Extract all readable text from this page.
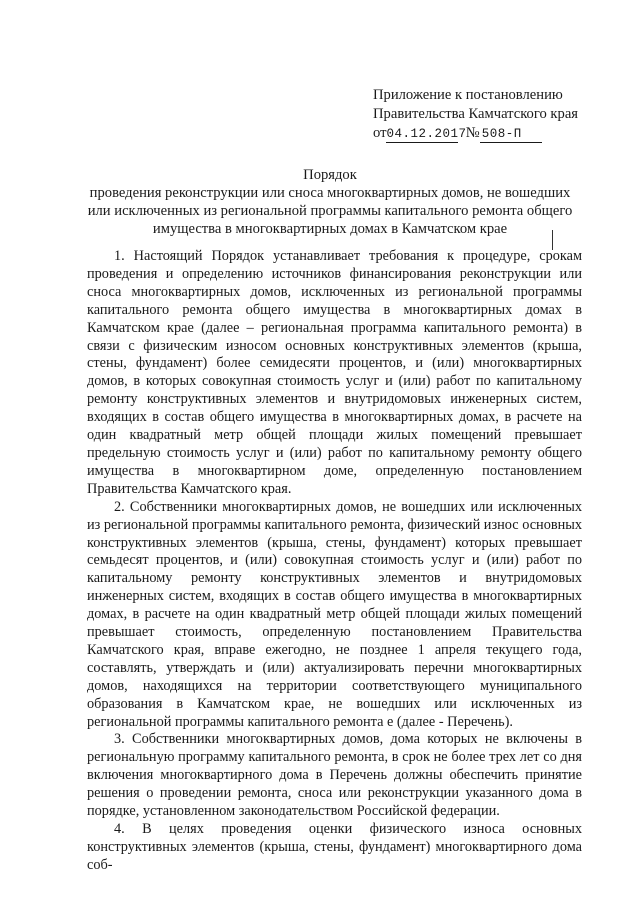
Приложение к постановлению
Правительства Камчатского края
от04.12.2017  № 508-П
Порядок
проведения реконструкции или сноса многоквартирных домов, не вошедших
или исключенных из региональной программы капитального ремонта общего
имущества в многоквартирных домах в Камчатском крае

1. Настоящий Порядок устанавливает требования к процедуре, срокам проведения и определению источников финансирования реконструкции или сноса многоквартирных домов, исключенных из региональной программы капитального ремонта общего имущества в многоквартирных домах в Камчатском крае (далее – региональная программа капитального ремонта) в связи с физическим износом основных конструктивных элементов (крыша, стены, фундамент) более семидесяти процентов, и (или) многоквартирных домов, в которых совокупная стоимость услуг и (или) работ по капитальному ремонту конструктивных элементов и внутридомовых инженерных систем, входящих в состав общего имущества в многоквартирных домах, в расчете на один квадратный метр общей площади жилых помещений превышает предельную стоимость услуг и (или) работ по капитальному ремонту общего имущества в многоквартирном доме, определенную постановлением Правительства Камчатского края.

2. Собственники многоквартирных домов, не вошедших или исключенных из региональной программы капитального ремонта, физический износ основных конструктивных элементов (крыша, стены, фундамент) которых превышает семьдесят процентов, и (или) совокупная стоимость услуг и (или) работ по капитальному ремонту конструктивных элементов и внутридомовых инженерных систем, входящих в состав общего имущества в многоквартирных домах, в расчете на один квадратный метр общей площади жилых помещений превышает стоимость, определенную постановлением Правительства Камчатского края, вправе ежегодно, не позднее 1 апреля текущего года, составлять, утверждать и (или) актуализировать перечни многоквартирных домов, находящихся на территории соответствующего муниципального образования в Камчатском крае, не вошедших или исключенных из региональной программы капитального ремонта е (далее - Перечень).

3. Собственники многоквартирных домов, дома которых не включены в региональную программу капитального ремонта, в срок не более трех лет со дня включения многоквартирного дома в Перечень должны обеспечить принятие решения о проведении ремонта, сноса или реконструкции указанного дома в порядке, установленном законодательством Российской федерации.

4. В целях проведения оценки физического износа основных конструктивных элементов (крыша, стены, фундамент) многоквартирного дома соб-
